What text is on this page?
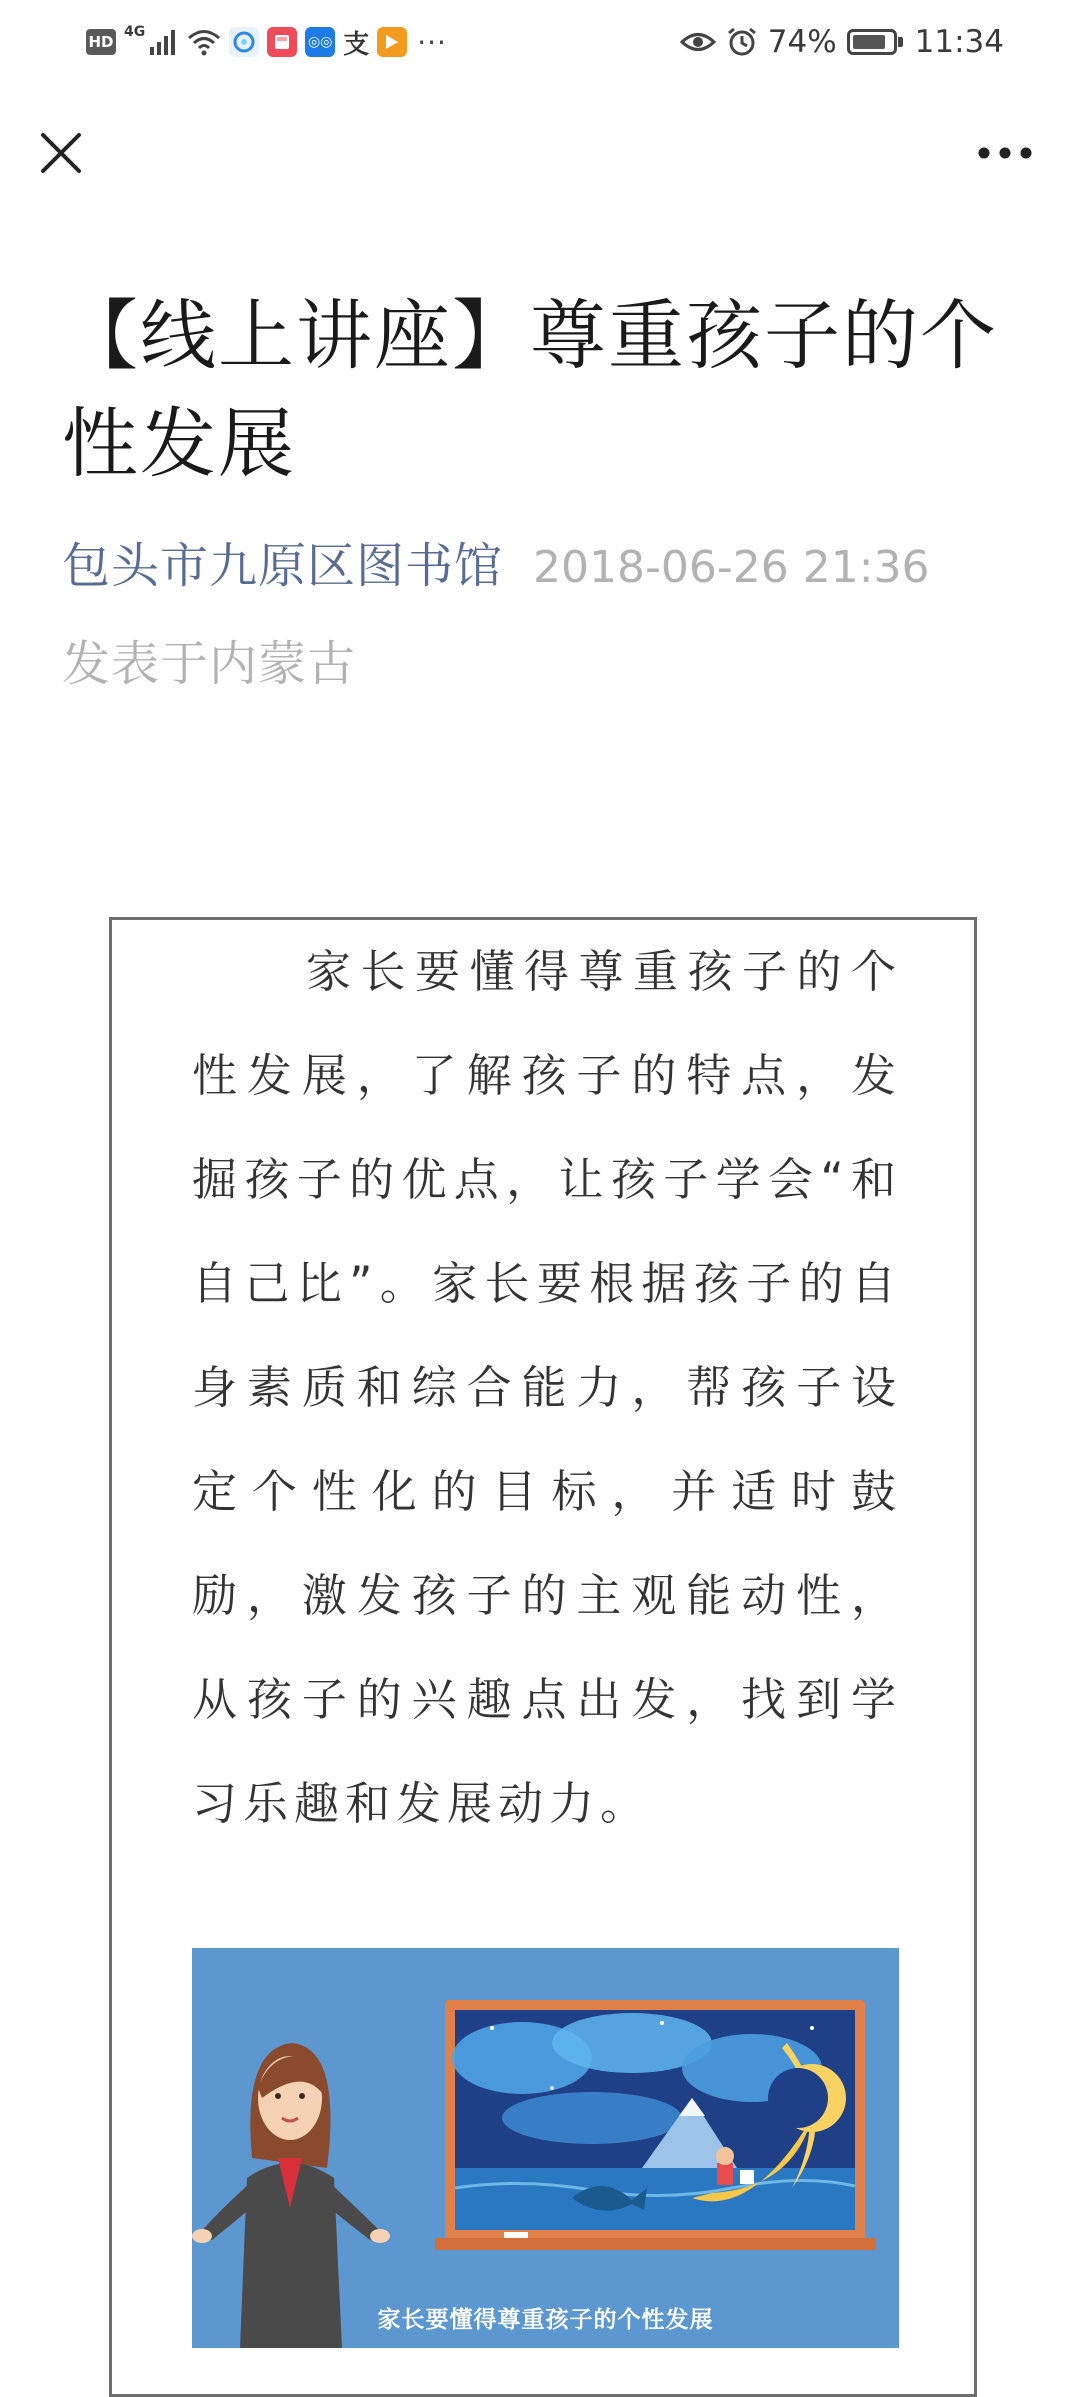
HD
4G
◎◎ 支 ···	74%	11:34
【线上讲座】尊重孩子的个性发展
包头市九原区图书馆 2018-06-26 21:36
发表于内蒙古

家长要懂得尊重孩子的个性发展，了解孩子的特点，发掘孩子的优点，让孩子学会“和自己比”。家长要根据孩子的自身素质和综合能力，帮孩子设定个性化的目标，并适时鼓励，激发孩子的主观能动性，从孩子的兴趣点出发，找到学习乐趣和发展动力。

家长要懂得尊重孩子的个性发展
